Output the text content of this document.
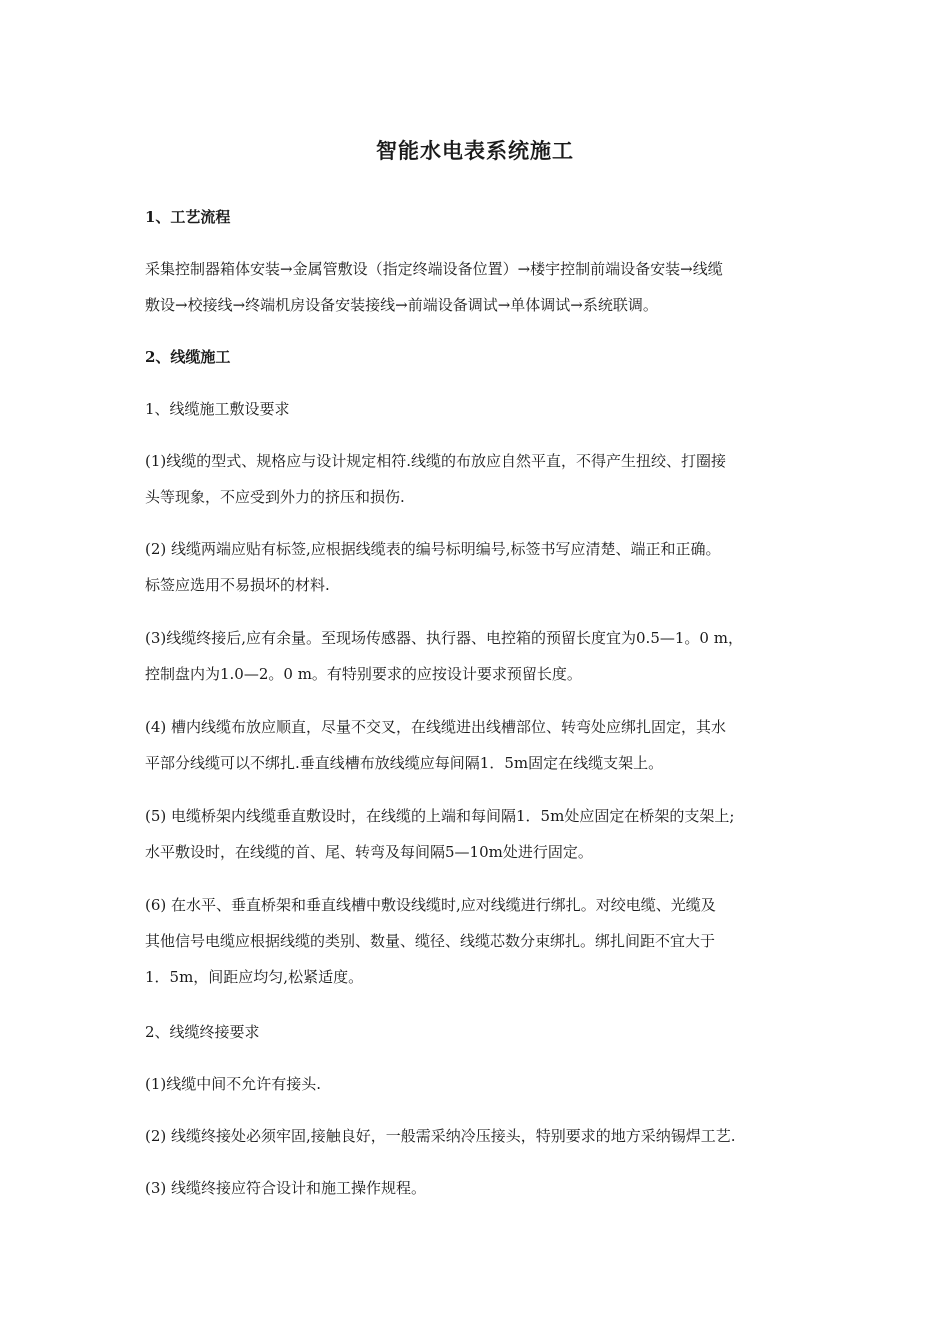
智能水电表系统施工
1、工艺流程
采集控制器箱体安装→金属管敷设（指定终端设备位置）→楼宇控制前端设备安装→线缆
敷设→校接线→终端机房设备安装接线→前端设备调试→单体调试→系统联调。
2、线缆施工
1、线缆施工敷设要求
(1)线缆的型式、规格应与设计规定相符.线缆的布放应自然平直，不得产生扭绞、打圈接
头等现象，不应受到外力的挤压和损伤.
(2) 线缆两端应贴有标签,应根据线缆表的编号标明编号,标签书写应清楚、端正和正确。
标签应选用不易损坏的材料.
(3)线缆终接后,应有余量。至现场传感器、执行器、电控箱的预留长度宜为0.5—1。0 m，
控制盘内为1.0—2。0 m。有特别要求的应按设计要求预留长度。
(4) 槽内线缆布放应顺直，尽量不交叉，在线缆进出线槽部位、转弯处应绑扎固定，其水
平部分线缆可以不绑扎.垂直线槽布放线缆应每间隔1．5m固定在线缆支架上。
(5) 电缆桥架内线缆垂直敷设时，在线缆的上端和每间隔1．5m处应固定在桥架的支架上;
水平敷设时，在线缆的首、尾、转弯及每间隔5—10m处进行固定。
(6) 在水平、垂直桥架和垂直线槽中敷设线缆时,应对线缆进行绑扎。对绞电缆、光缆及
其他信号电缆应根据线缆的类别、数量、缆径、线缆芯数分束绑扎。绑扎间距不宜大于
1．5m，间距应均匀,松紧适度。
2、线缆终接要求
(1)线缆中间不允许有接头.
(2) 线缆终接处必须牢固,接触良好，一般需采纳冷压接头，特别要求的地方采纳锡焊工艺.
(3) 线缆终接应符合设计和施工操作规程。
